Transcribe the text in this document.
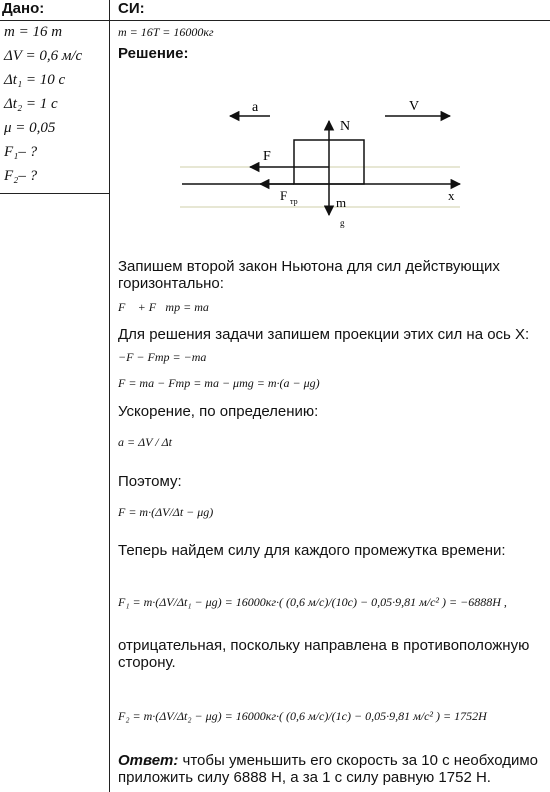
Дано:
m = 16 т
ΔV = 0,6 м/с
Δt₁ = 10 с
Δt₂ = 1 с
μ = 0,05
F₁– ?
F₂– ?
СИ:
m = 16T = 16000кг
Решение:
a	V
x
N
m
g
F
F тр
Запишем второй закон Ньютона для сил действующих горизонтально:
F⃗ + F⃗тр = ma⃗
Для решения задачи запишем проекции этих сил на ось X:
−F − Fтр = −ma
F = ma − Fтр = ma − μmg = m·(a − μg)
Ускорение, по определению:
a = ΔV / Δt
Поэтому:
F = m·(ΔV/Δt − μg)
Теперь найдем силу для каждого промежутка времени:
F₁ = m·(ΔV/Δt₁ − μg) = 16000кг·( (0,6 м/с)/(10с) − 0,05·9,81 м/с² ) = −6888H ,
отрицательная, поскольку направлена в противоположную сторону.
F₂ = m·(ΔV/Δt₂ − μg) = 16000кг·( (0,6 м/с)/(1с) − 0,05·9,81 м/с² ) = 1752H
Ответ: чтобы уменьшить его скорость за 10 с необходимо приложить силу 6888 Н, а за 1 с силу равную 1752 Н.
